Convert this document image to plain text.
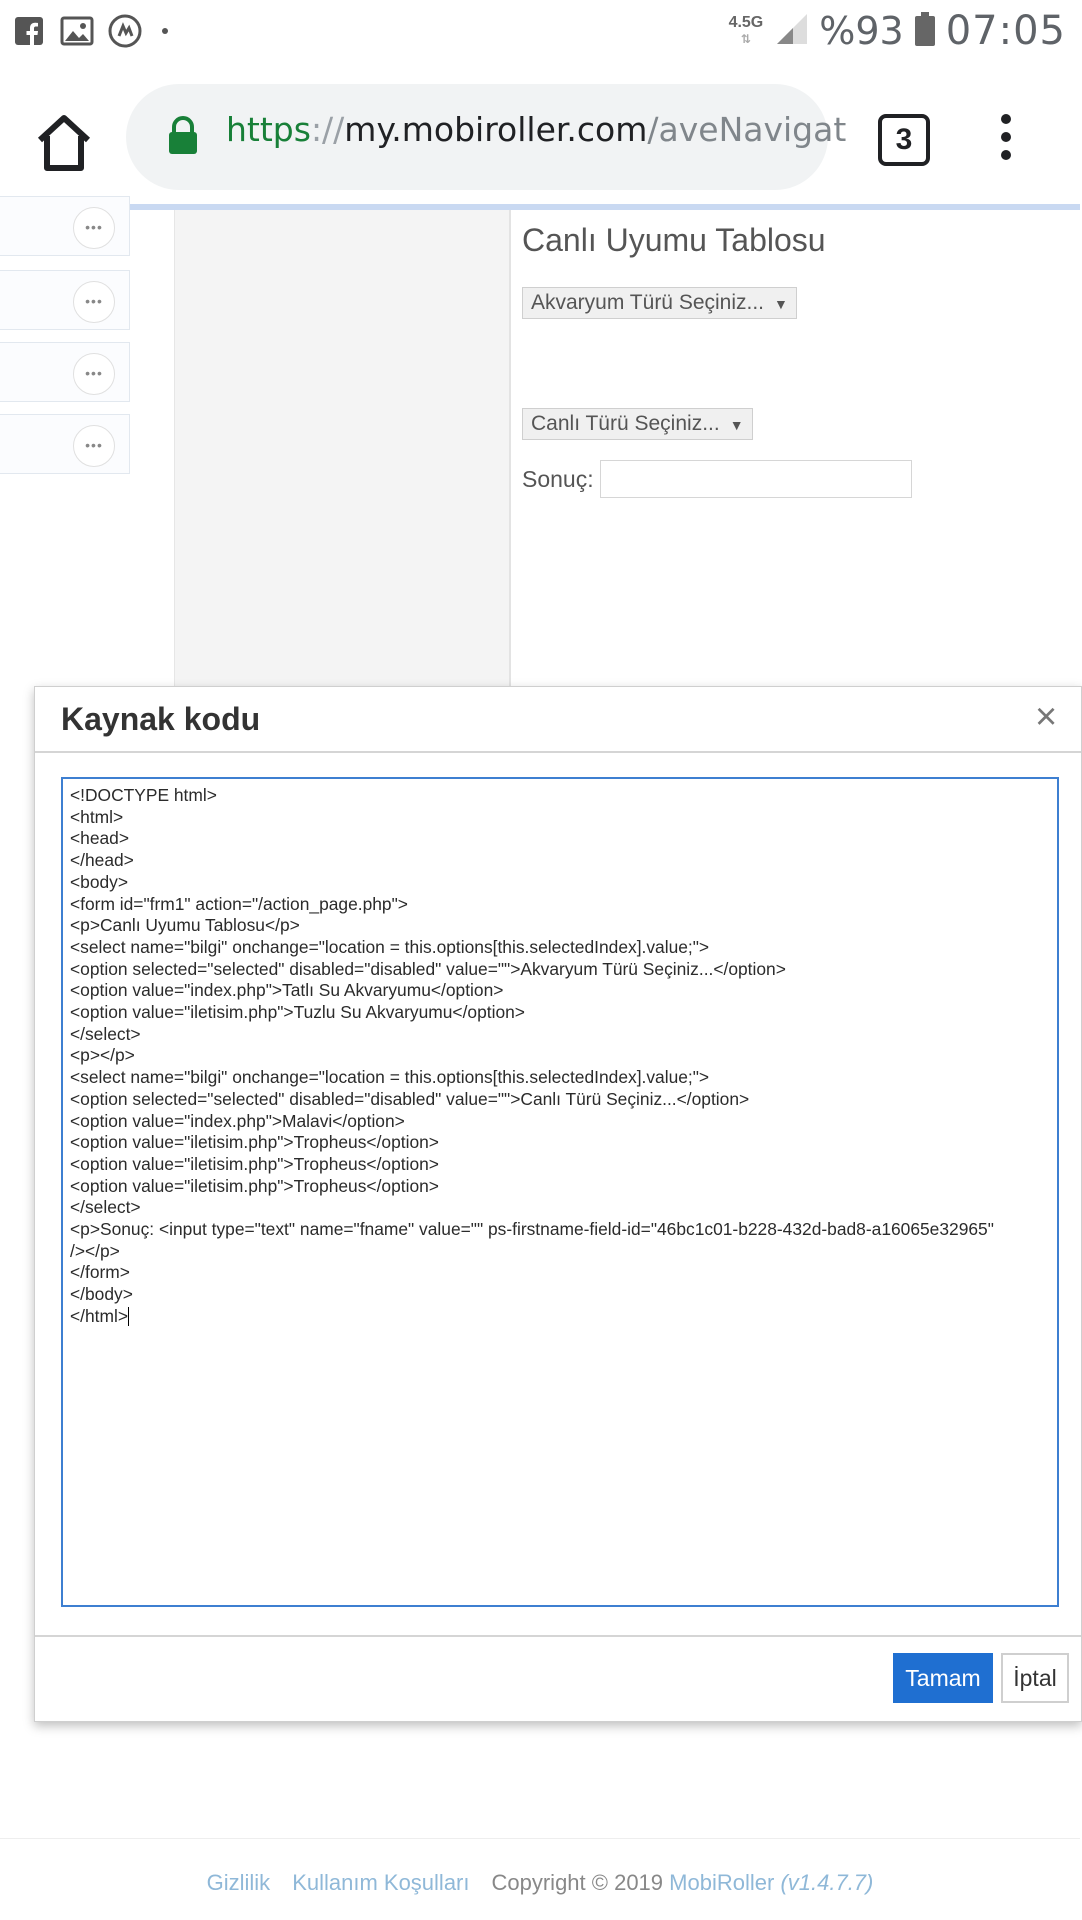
4.5G
⇅	%93 07:05
https://my.mobiroller.com/aveNavigat	3
•••
•••
•••
•••
Canlı Uyumu Tablosu
Akvaryum Türü Seçiniz... ▼
Canlı Türü Seçiniz... ▼
Sonuç:
Kaynak kodu	×
<!DOCTYPE html>
<html>
<head>
</head>
<body>
<form id="frm1" action="/action_page.php">
<p>Canlı Uyumu Tablosu</p>
<select name="bilgi" onchange="location = this.options[this.selectedIndex].value;">
<option selected="selected" disabled="disabled" value="">Akvaryum Türü Seçiniz...</option>
<option value="index.php">Tatlı Su Akvaryumu</option>
<option value="iletisim.php">Tuzlu Su Akvaryumu</option>
</select>
<p></p>
<select name="bilgi" onchange="location = this.options[this.selectedIndex].value;">
<option selected="selected" disabled="disabled" value="">Canlı Türü Seçiniz...</option>
<option value="index.php">Malavi</option>
<option value="iletisim.php">Tropheus</option>
<option value="iletisim.php">Tropheus</option>
<option value="iletisim.php">Tropheus</option>
</select>
<p>Sonuç: <input type="text" name="fname" value="" ps-firstname-field-id="46bc1c01-b228-432d-bad8-a16065e32965"
/></p>
</form>
</body>
</html>
Tamam	İptal
Gizlilik Kullanım Koşulları Copyright © 2019 MobiRoller (v1.4.7.7)
